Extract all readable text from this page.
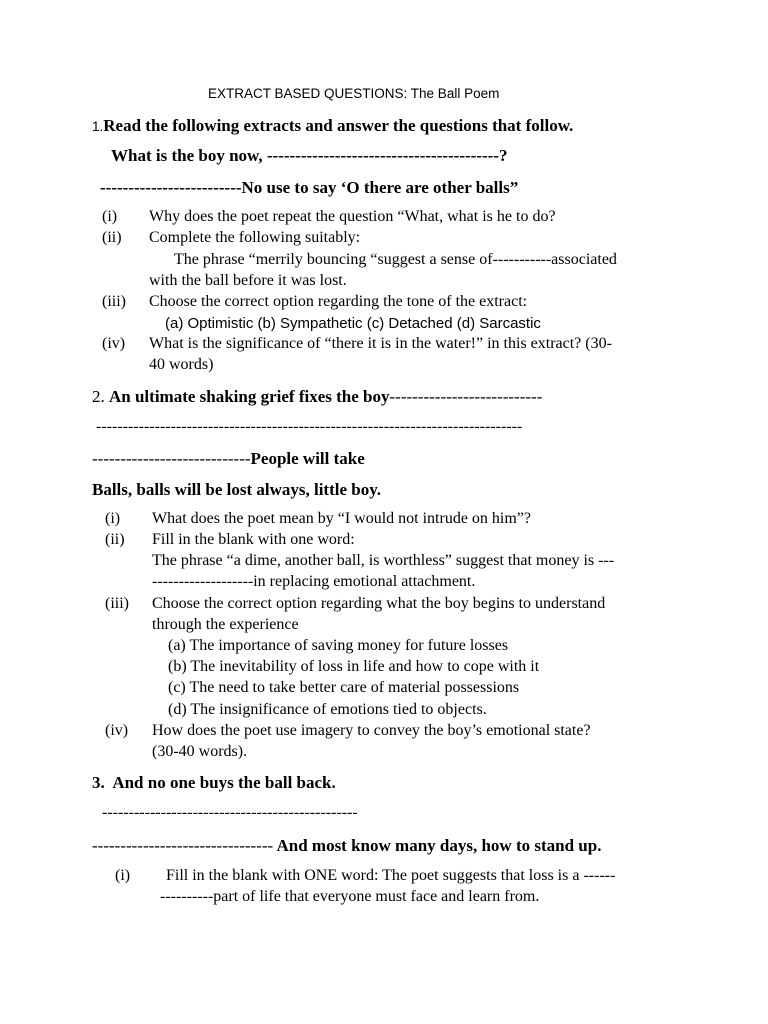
EXTRACT BASED QUESTIONS: The Ball Poem
1.Read the following extracts and answer the questions that follow.
What is the boy now, -----------------------------------------?
-------------------------No use to say ‘O there are other balls”
(i) Why does the poet repeat the question “What, what is he to do?
(ii) Complete the following suitably:
The phrase “merrily bouncing “suggest a sense of-----------associated
with the ball before it was lost.
(iii) Choose the correct option regarding the tone of the extract:
(a) Optimistic (b) Sympathetic (c) Detached (d) Sarcastic
(iv) What is the significance of “there it is in the water!” in this extract? (30-
40 words)
2. An ultimate shaking grief fixes the boy---------------------------
--------------------------------------------------------------------------------
----------------------------People will take
Balls, balls will be lost always, little boy.
(i) What does the poet mean by “I would not intrude on him”?
(ii) Fill in the blank with one word:
The phrase “a dime, another ball, is worthless” suggest that money is ---
-------------------in replacing emotional attachment.
(iii) Choose the correct option regarding what the boy begins to understand
through the experience
(a) The importance of saving money for future losses
(b) The inevitability of loss in life and how to cope with it
(c) The need to take better care of material possessions
(d) The insignificance of emotions tied to objects.
(iv) How does the poet use imagery to convey the boy’s emotional state?
(30-40 words).
3. And no one buys the ball back.
------------------------------------------------
-------------------------------- And most know many days, how to stand up.
(i) Fill in the blank with ONE word: The poet suggests that loss is a ------
----------part of life that everyone must face and learn from.
